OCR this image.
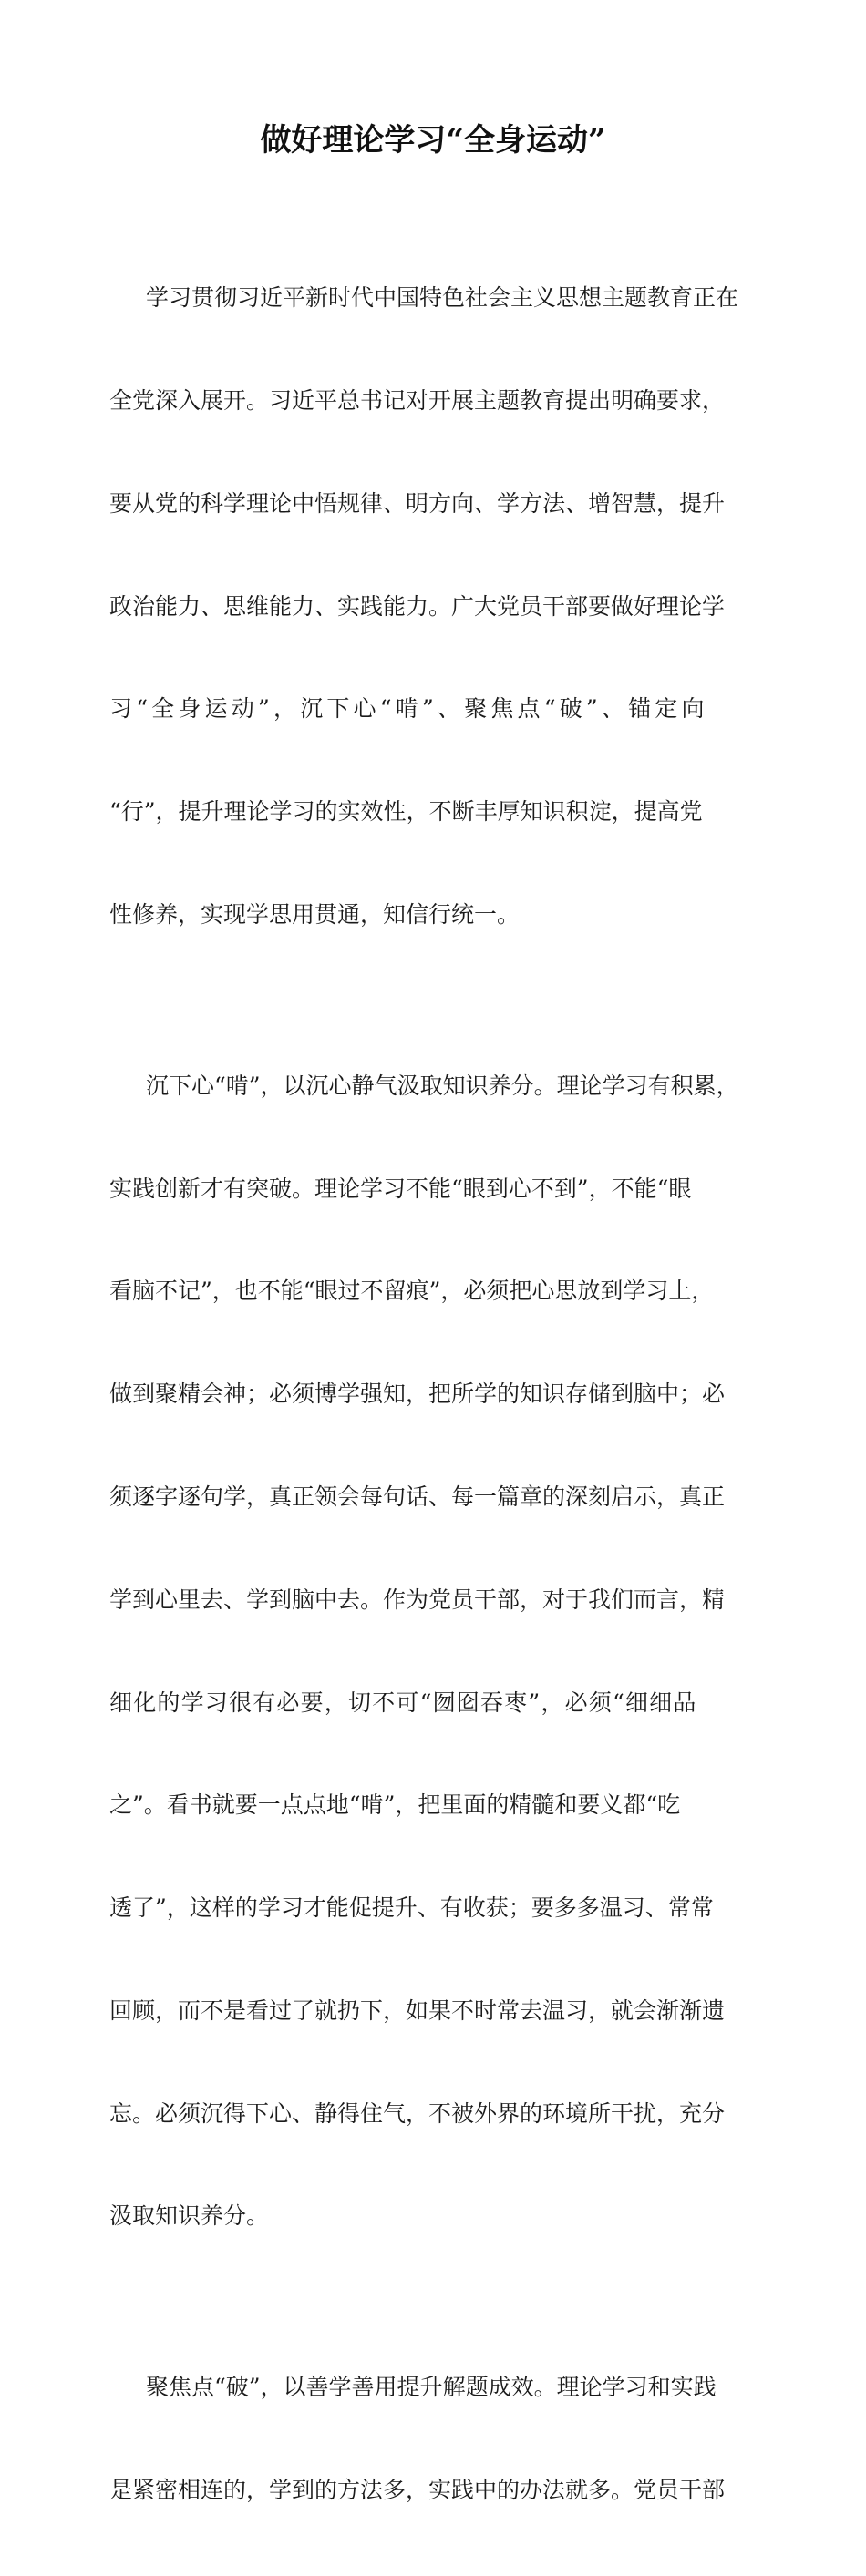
做好理论学习“全身运动”

学习贯彻习近平新时代中国特色社会主义思想主题教育正在

全党深入展开。习近平总书记对开展主题教育提出明确要求，

要从党的科学理论中悟规律、明方向、学方法、增智慧，提升

政治能力、思维能力、实践能力。广大党员干部要做好理论学

习“全身运动”，沉下心“啃”、聚焦点“破”、锚定向

“行”，提升理论学习的实效性，不断丰厚知识积淀，提高党

性修养，实现学思用贯通，知信行统一。

沉下心“啃”，以沉心静气汲取知识养分。理论学习有积累，

实践创新才有突破。理论学习不能“眼到心不到”，不能“眼

看脑不记”，也不能“眼过不留痕”，必须把心思放到学习上，

做到聚精会神；必须博学强知，把所学的知识存储到脑中；必

须逐字逐句学，真正领会每句话、每一篇章的深刻启示，真正

学到心里去、学到脑中去。作为党员干部，对于我们而言，精

细化的学习很有必要，切不可“囫囵吞枣”，必须“细细品

之”。看书就要一点点地“啃”，把里面的精髓和要义都“吃

透了”，这样的学习才能促提升、有收获；要多多温习、常常

回顾，而不是看过了就扔下，如果不时常去温习，就会渐渐遗

忘。必须沉得下心、静得住气，不被外界的环境所干扰，充分

汲取知识养分。

聚焦点“破”，以善学善用提升解题成效。理论学习和实践

是紧密相连的，学到的方法多，实践中的办法就多。党员干部
